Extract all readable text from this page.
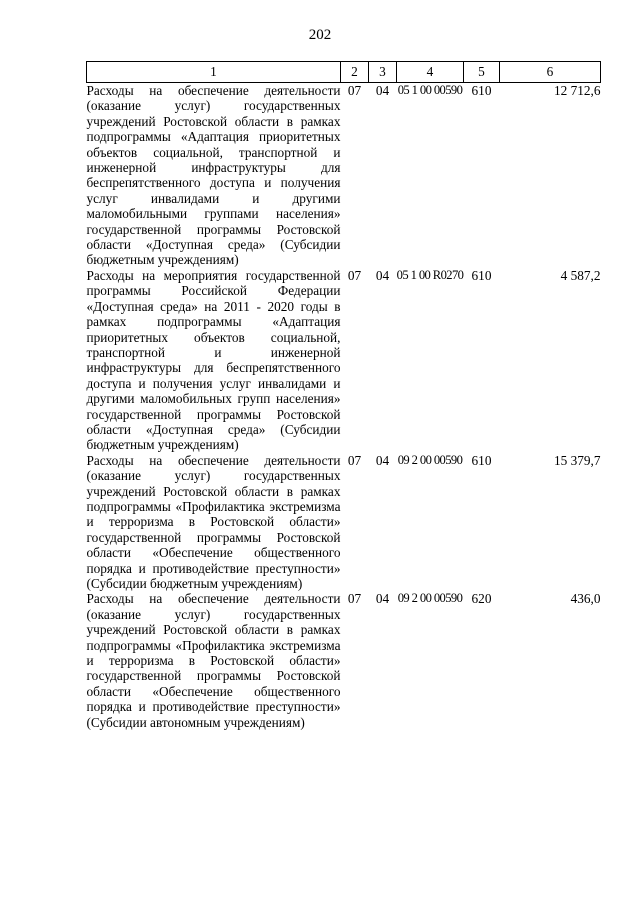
202
1	2	3	4	5	6
Расходы на обеспечение деятельности (оказание услуг) государственных учреждений Ростовской области в рамках подпрограммы «Адаптация приоритетных объектов социальной, транспортной и инженерной инфраструктуры для беспрепятственного доступа и получения услуг инвалидами и другими маломобильными группами населения» государственной программы Ростовской области «Доступная среда» (Субсидии бюджетным учреждениям)	07	04	05 1 00 00590	610	12 712,6
Расходы на мероприятия государственной программы Российской Федерации «Доступная среда» на 2011 - 2020 годы в рамках подпрограммы «Адаптация приоритетных объектов социальной, транспортной и инженерной инфраструктуры для беспрепятственного доступа и получения услуг инвалидами и другими маломобильных групп населения» государственной программы Ростовской области «Доступная среда» (Субсидии бюджетным учреждениям)	07	04	05 1 00 R0270	610	4 587,2
Расходы на обеспечение деятельности (оказание услуг) государственных учреждений Ростовской области в рамках подпрограммы «Профилактика экстремизма и терроризма в Ростовской области» государственной программы Ростовской области «Обеспечение общественного порядка и противодействие преступности» (Субсидии бюджетным учреждениям)	07	04	09 2 00 00590	610	15 379,7
Расходы на обеспечение деятельности (оказание услуг) государственных учреждений Ростовской области в рамках подпрограммы «Профилактика экстремизма и терроризма в Ростовской области» государственной программы Ростовской области «Обеспечение общественного порядка и противодействие преступности» (Субсидии автономным учреждениям)	07	04	09 2 00 00590	620	436,0
